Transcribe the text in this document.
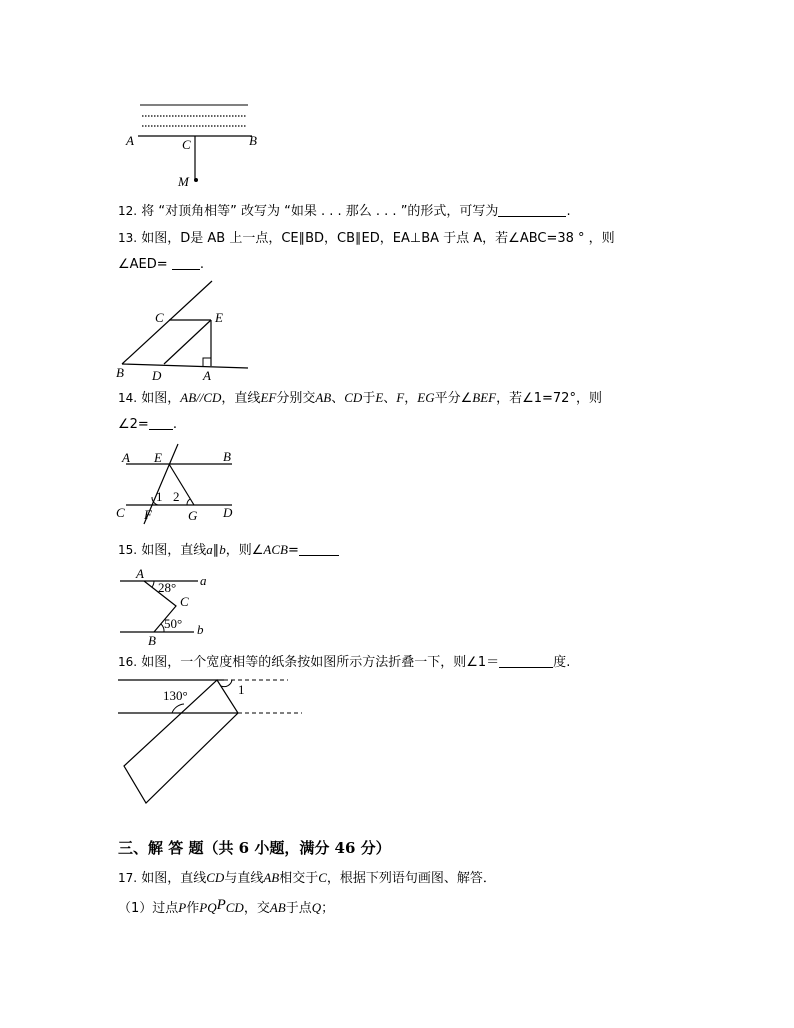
A	B
C
M
12. 将 “对顶角相等” 改写为 “如果 . . . 那么 . . . ”的形式，可写为	.
13. 如图，D是 AB 上一点，CE∥BD，CB∥ED，EA⊥BA 于点 A，若∠ABC=38 ° ，则
∠AED= .
C	E
B D	A
14. 如图，AB//CD，直线EF分别交AB、CD于E、F，EG平分∠BEF，若∠1=72°，则
∠2= .
A E	B
C F	G D
1 2
15. 如图，直线a∥b，则∠ACB=
A	a
28°
C
50° b
B
16. 如图，一个宽度相等的纸条按如图所示方法折叠一下，则∠1＝	度.
130°	1
三、解 答 题（共 6 小题，满分 46 分）
17. 如图，直线CD与直线AB相交于C，根据下列语句画图、解答．
（1）过点P作PQPCD，交AB于点Q；
